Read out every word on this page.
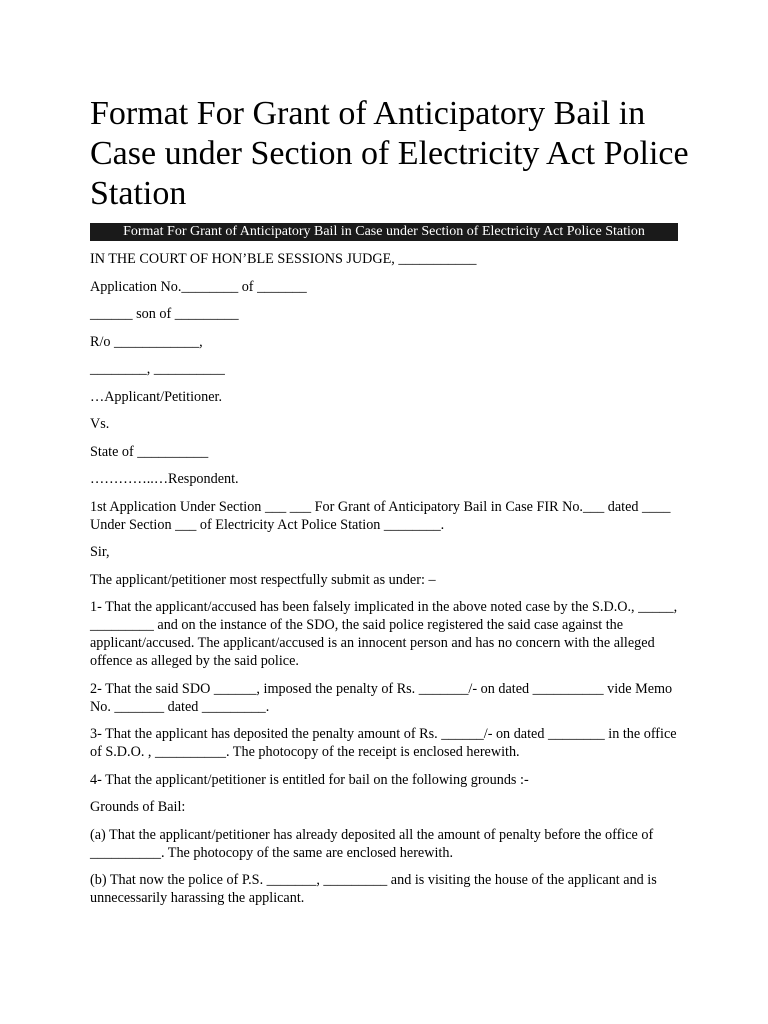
Format For Grant of Anticipatory Bail in Case under Section of Electricity Act Police Station
Format For Grant of Anticipatory Bail in Case under Section of Electricity Act Police Station

IN THE COURT OF HON’BLE SESSIONS JUDGE, ___________

Application No.________ of _______

______ son of _________

R/o ____________,

________, __________

…Applicant/Petitioner.

Vs.

State of __________

…………..…Respondent.

1st Application Under Section ___ ___ For Grant of Anticipatory Bail in Case FIR No.___ dated ____ Under Section ___ of Electricity Act Police Station ________.

Sir,

The applicant/petitioner most respectfully submit as under: –

1- That the applicant/accused has been falsely implicated in the above noted case by the S.D.O., _____, _________ and on the instance of the SDO, the said police registered the said case against the applicant/accused. The applicant/accused is an innocent person and has no concern with the alleged offence as alleged by the said police.

2- That the said SDO ______, imposed the penalty of Rs. _______/- on dated __________ vide Memo No. _______ dated _________.

3- That the applicant has deposited the penalty amount of Rs. ______/- on dated ________ in the office of S.D.O. , __________. The photocopy of the receipt is enclosed herewith.

4- That the applicant/petitioner is entitled for bail on the following grounds :-

Grounds of Bail:

(a) That the applicant/petitioner has already deposited all the amount of penalty before the office of __________. The photocopy of the same are enclosed herewith.

(b) That now the police of P.S. _______, _________ and is visiting the house of the applicant and is unnecessarily harassing the applicant.
